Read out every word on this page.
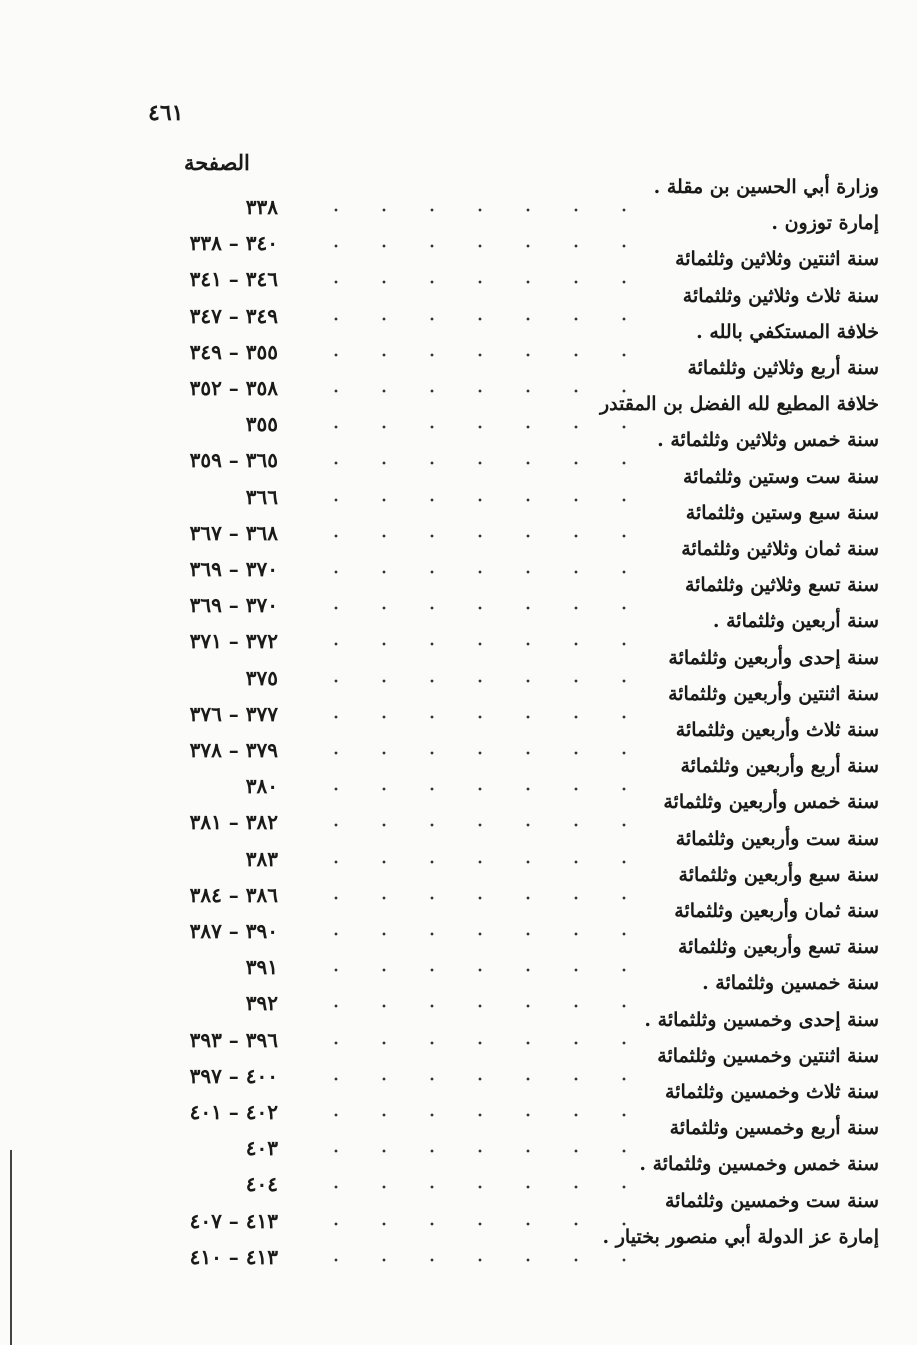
٤٦١
الصفحة
وزارة أبي الحسين بن مقلة .
٣٣٨
إمارة توزون .
٣٤٠ – ٣٣٨
سنة اثنتين وثلاثين وثلثمائة
٣٤٦ – ٣٤١
سنة ثلاث وثلاثين وثلثمائة
٣٤٩ – ٣٤٧
خلافة المستكفي بالله .
٣٥٥ – ٣٤٩
سنة أربع وثلاثين وثلثمائة
٣٥٨ – ٣٥٢
خلافة المطيع لله الفضل بن المقتدر
٣٥٥
سنة خمس وثلاثين وثلثمائة .
٣٦٥ – ٣٥٩
سنة ست وستين وثلثمائة
٣٦٦
سنة سبع وستين وثلثمائة
٣٦٨ – ٣٦٧
سنة ثمان وثلاثين وثلثمائة
٣٧٠ – ٣٦٩
سنة تسع وثلاثين وثلثمائة
٣٧٠ – ٣٦٩
سنة أربعين وثلثمائة .
٣٧٢ – ٣٧١
سنة إحدى وأربعين وثلثمائة
٣٧٥
سنة اثنتين وأربعين وثلثمائة
٣٧٧ – ٣٧٦
سنة ثلاث وأربعين وثلثمائة
٣٧٩ – ٣٧٨
سنة أربع وأربعين وثلثمائة
٣٨٠
سنة خمس وأربعين وثلثمائة
٣٨٢ – ٣٨١
سنة ست وأربعين وثلثمائة
٣٨٣
سنة سبع وأربعين وثلثمائة
٣٨٦ – ٣٨٤
سنة ثمان وأربعين وثلثمائة
٣٩٠ – ٣٨٧
سنة تسع وأربعين وثلثمائة
٣٩١
سنة خمسين وثلثمائة .
٣٩٢
سنة إحدى وخمسين وثلثمائة .
٣٩٦ – ٣٩٣
سنة اثنتين وخمسين وثلثمائة
٤٠٠ – ٣٩٧
سنة ثلاث وخمسين وثلثمائة
٤٠٢ – ٤٠١
سنة أربع وخمسين وثلثمائة
٤٠٣
سنة خمس وخمسين وثلثمائة .
٤٠٤
سنة ست وخمسين وثلثمائة
٤١٣ – ٤٠٧
إمارة عز الدولة أبي منصور بختيار .
٤١٣ – ٤١٠
